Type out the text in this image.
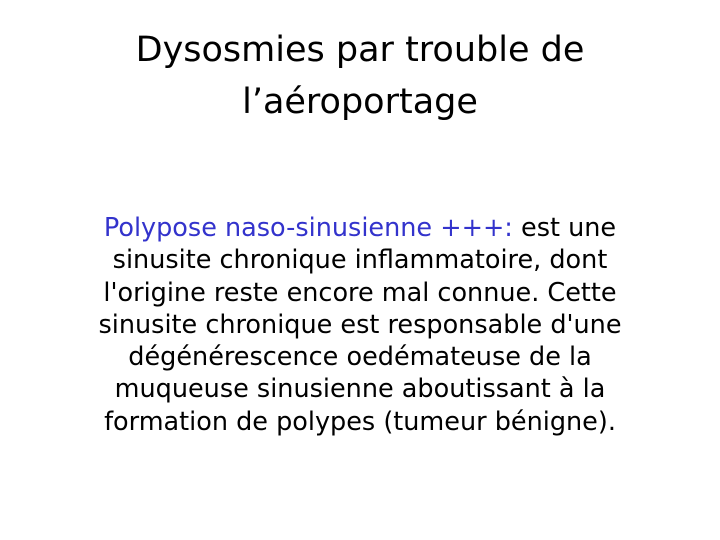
Dysosmies par trouble de
l’aéroportage

Polypose naso-sinusienne +++: est une
sinusite chronique inflammatoire, dont
l'origine reste encore mal connue. Cette
sinusite chronique est responsable d'une
dégénérescence oedémateuse de la
muqueuse sinusienne aboutissant à la
formation de polypes (tumeur bénigne).
